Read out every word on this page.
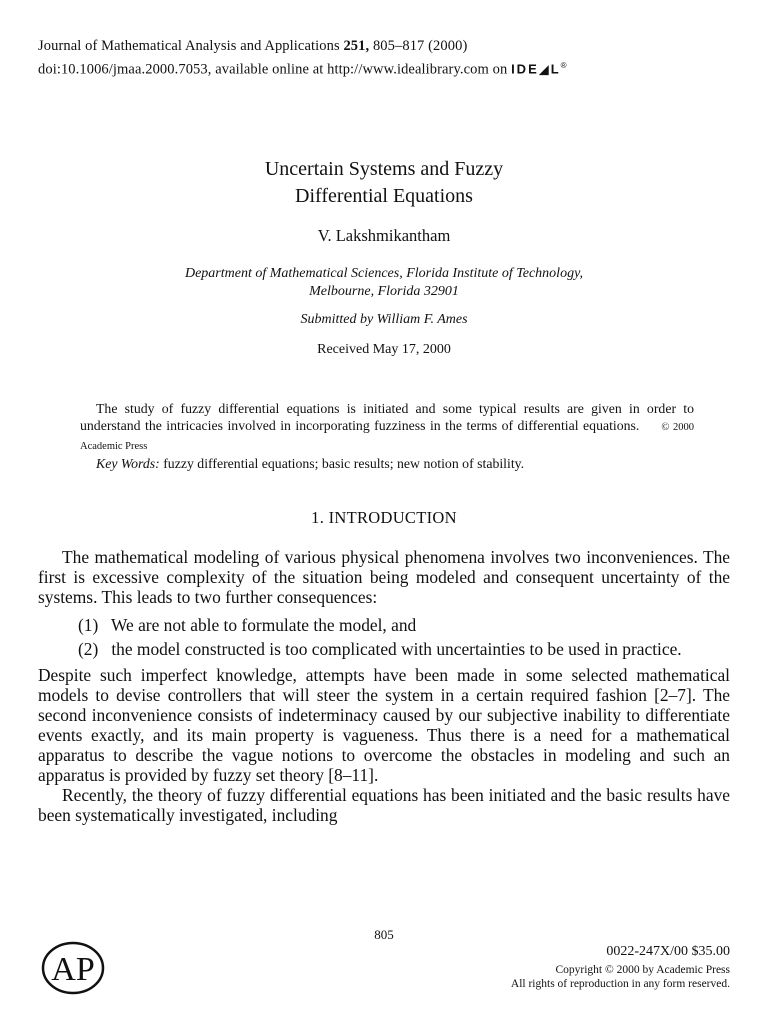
Journal of Mathematical Analysis and Applications 251, 805–817 (2000)
doi:10.1006/jmaa.2000.7053, available online at http://www.idealibrary.com on IDE◢L®
Uncertain Systems and Fuzzy
Differential Equations
V. Lakshmikantham
Department of Mathematical Sciences, Florida Institute of Technology,
Melbourne, Florida 32901
Submitted by William F. Ames
Received May 17, 2000
The study of fuzzy differential equations is initiated and some typical results are given in order to understand the intricacies involved in incorporating fuzziness in the terms of differential equations. © 2000 Academic Press
Key Words: fuzzy differential equations; basic results; new notion of stability.
1. INTRODUCTION

The mathematical modeling of various physical phenomena involves two inconveniences. The first is excessive complexity of the situation being modeled and consequent uncertainty of the systems. This leads to two further consequences:

(1)  We are not able to formulate the model, and

(2)  the model constructed is too complicated with uncertainties to be used in practice.

Despite such imperfect knowledge, attempts have been made in some selected mathematical models to devise controllers that will steer the system in a certain required fashion [2–7]. The second inconvenience consists of indeterminacy caused by our subjective inability to differentiate events exactly, and its main property is vagueness. Thus there is a need for a mathematical apparatus to describe the vague notions to overcome the obstacles in modeling and such an apparatus is provided by fuzzy set theory [8–11].

Recently, the theory of fuzzy differential equations has been initiated and the basic results have been systematically investigated, including

805
AP	0022-247X/00 $35.00
Copyright © 2000 by Academic Press
All rights of reproduction in any form reserved.
